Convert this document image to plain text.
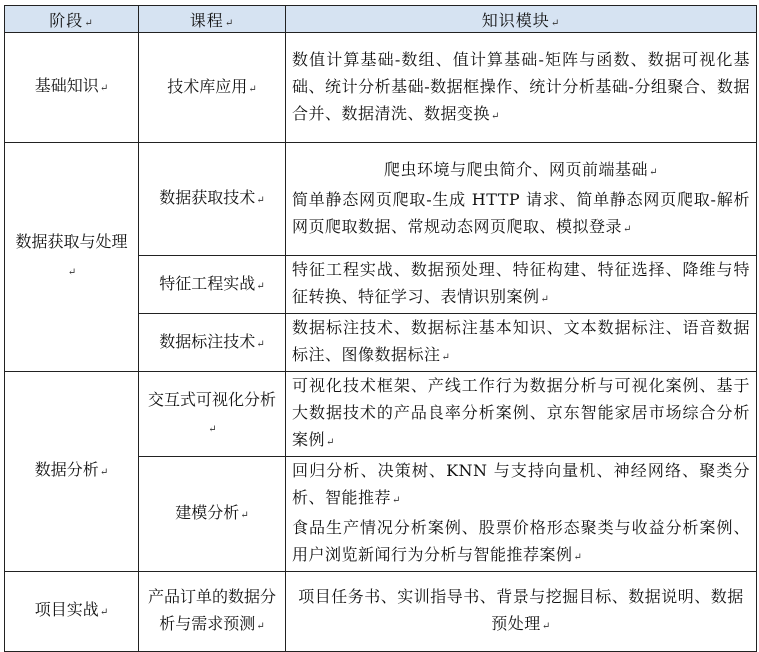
阶段↵	课程↵	知识模块↵
基础知识↵	技术库应用↵	数值计算基础-数组、值计算基础-矩阵与函数、数据可视化基础、统计分析基础-数据框操作、统计分析基础-分组聚合、数据合并、数据清洗、数据变换↵

数据获取与处理↵	数据获取技术↵	爬虫环境与爬虫简介、网页前端基础↵
简单静态网页爬取-生成 HTTP 请求、简单静态网页爬取-解析网页爬取数据、常规动态网页爬取、模拟登录↵

	特征工程实战↵	特征工程实战、数据预处理、特征构建、特征选择、降维与特征转换、特征学习、表情识别案例↵

	数据标注技术↵	数据标注技术、数据标注基本知识、文本数据标注、语音数据标注、图像数据标注↵

数据分析↵	交互式可视化分析↵	可视化技术框架、产线工作行为数据分析与可视化案例、基于大数据技术的产品良率分析案例、京东智能家居市场综合分析案例↵

	建模分析↵	回归分析、决策树、KNN 与支持向量机、神经网络、聚类分析、智能推荐↵
食品生产情况分析案例、股票价格形态聚类与收益分析案例、用户浏览新闻行为分析与智能推荐案例↵

项目实战↵	产品订单的数据分析与需求预测↵	项目任务书、实训指导书、背景与挖掘目标、数据说明、数据预处理↵
